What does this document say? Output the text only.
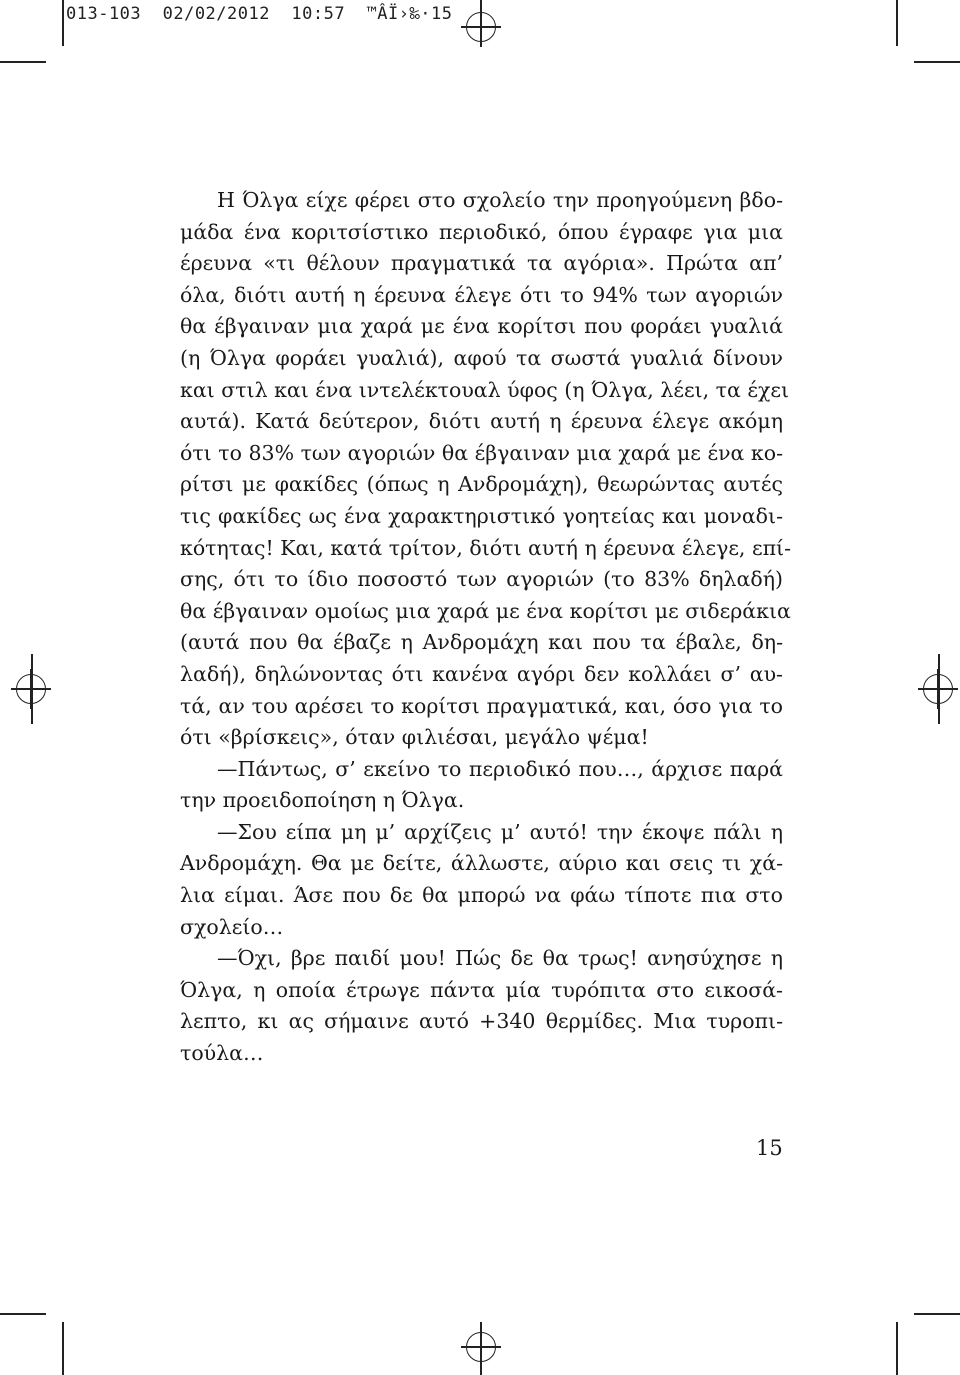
013-103  02/02/2012  10:57  ™ÂÏ›‰·15
Η Όλγα είχε φέρει στο σχολείο την προηγούμενη βδο-
μάδα ένα κοριτσίστικο περιοδικό, όπου έγραφε για μια
έρευνα «τι θέλουν πραγματικά τα αγόρια». Πρώτα απ’
όλα, διότι αυτή η έρευνα έλεγε ότι το 94% των αγοριών
θα έβγαιναν μια χαρά με ένα κορίτσι που φοράει γυαλιά
(η Όλγα φοράει γυαλιά), αφού τα σωστά γυαλιά δίνουν
και στιλ και ένα ιντελέκτουαλ ύφος (η Όλγα, λέει, τα έχει
αυτά). Κατά δεύτερον, διότι αυτή η έρευνα έλεγε ακόμη
ότι το 83% των αγοριών θα έβγαιναν μια χαρά με ένα κο-
ρίτσι με φακίδες (όπως η Ανδρομάχη), θεωρώντας αυτές
τις φακίδες ως ένα χαρακτηριστικό γοητείας και μοναδι-
κότητας! Και, κατά τρίτον, διότι αυτή η έρευνα έλεγε, επί-
σης, ότι το ίδιο ποσοστό των αγοριών (το 83% δηλαδή)
θα έβγαιναν ομοίως μια χαρά με ένα κορίτσι με σιδεράκια
(αυτά που θα έβαζε η Ανδρομάχη και που τα έβαλε, δη-
λαδή), δηλώνοντας ότι κανένα αγόρι δεν κολλάει σ’ αυ-
τά, αν του αρέσει το κορίτσι πραγματικά, και, όσο για το
ότι «βρίσκεις», όταν φιλιέσαι, μεγάλο ψέμα!
—Πάντως, σ’ εκείνο το περιοδικό που…, άρχισε παρά
την προειδοποίηση η Όλγα.
—Σου είπα μη μ’ αρχίζεις μ’ αυτό! την έκοψε πάλι η
Ανδρομάχη. Θα με δείτε, άλλωστε, αύριο και σεις τι χά-
λια είμαι. Άσε που δε θα μπορώ να φάω τίποτε πια στο
σχολείο…
—Όχι, βρε παιδί μου! Πώς δε θα τρως! ανησύχησε η
Όλγα, η οποία έτρωγε πάντα μία τυρόπιτα στο εικοσά-
λεπτο, κι ας σήμαινε αυτό +340 θερμίδες. Μια τυροπι-
τούλα…
15
